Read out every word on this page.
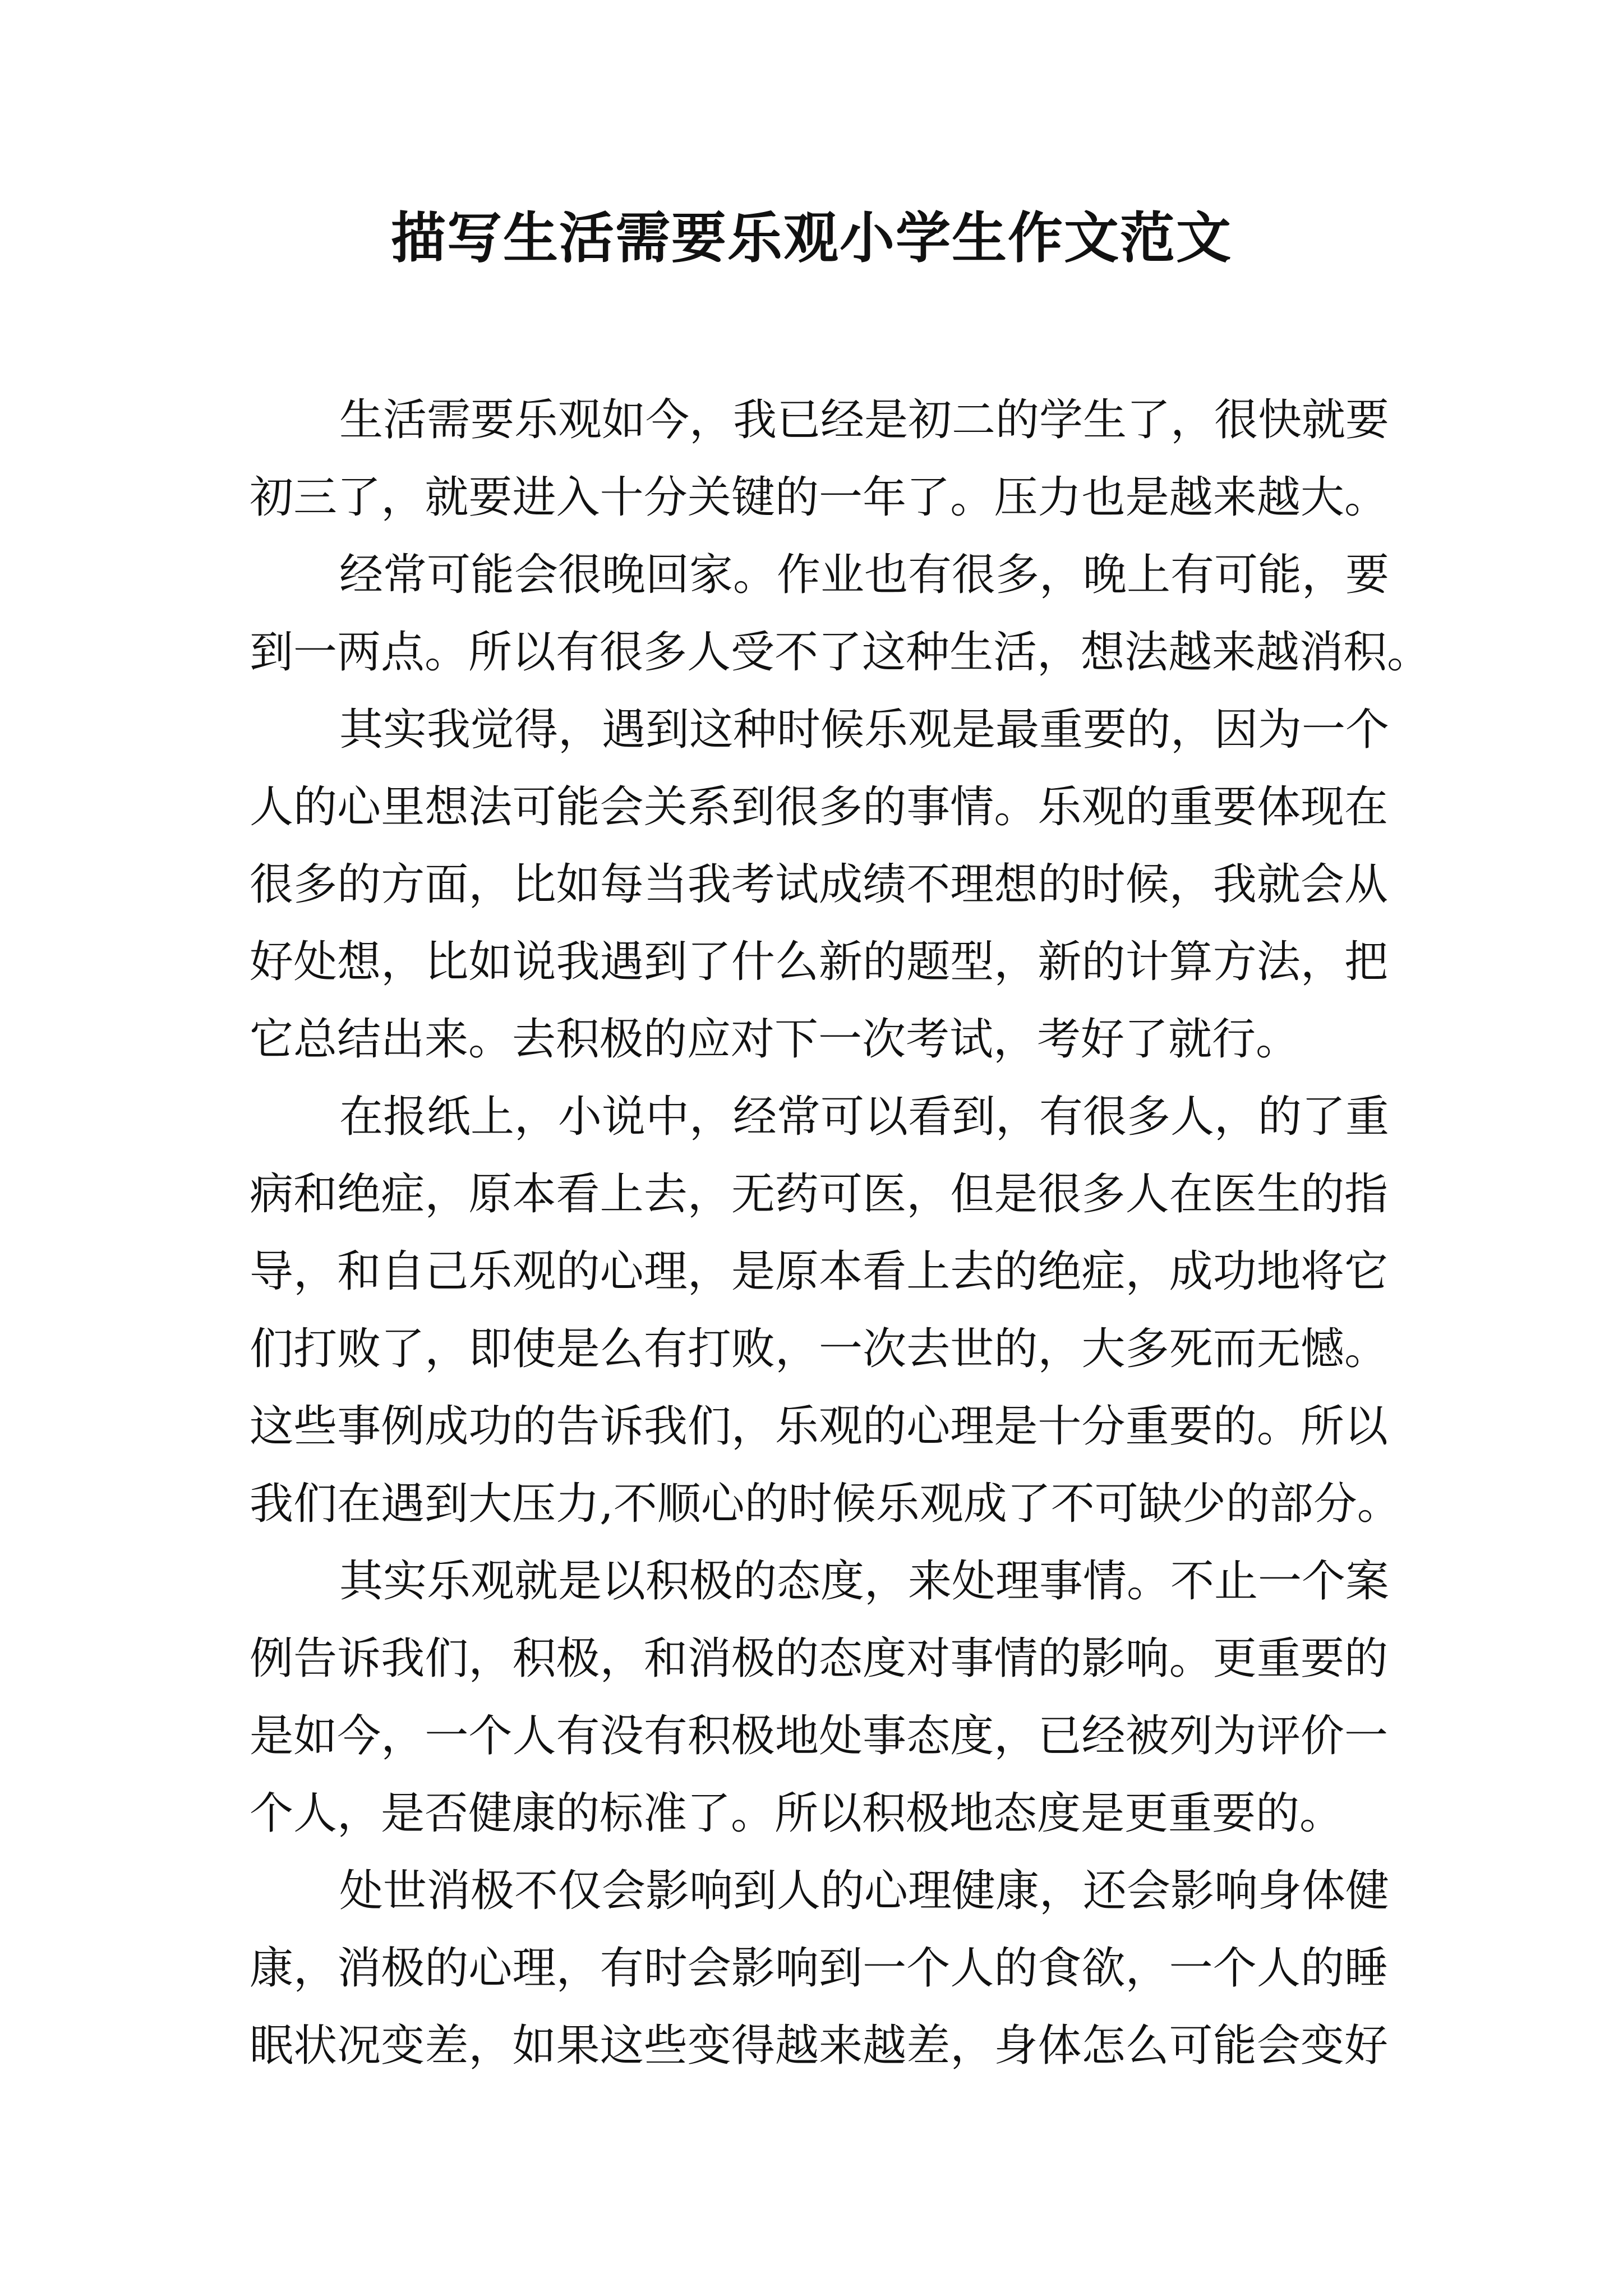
描写生活需要乐观小学生作文范文
生活需要乐观如今，我已经是初二的学生了，很快就要
初三了，就要进入十分关键的一年了。压力也是越来越大。
经常可能会很晚回家。作业也有很多，晚上有可能，要
到一两点。所以有很多人受不了这种生活，想法越来越消积。
其实我觉得，遇到这种时候乐观是最重要的，因为一个
人的心里想法可能会关系到很多的事情。乐观的重要体现在
很多的方面，比如每当我考试成绩不理想的时候，我就会从
好处想，比如说我遇到了什么新的题型，新的计算方法，把
它总结出来。去积极的应对下一次考试，考好了就行。
在报纸上，小说中，经常可以看到，有很多人，的了重
病和绝症，原本看上去，无药可医，但是很多人在医生的指
导，和自己乐观的心理，是原本看上去的绝症，成功地将它
们打败了，即使是么有打败，一次去世的，大多死而无憾。
这些事例成功的告诉我们，乐观的心理是十分重要的。所以
我们在遇到大压力,不顺心的时候乐观成了不可缺少的部分。
其实乐观就是以积极的态度，来处理事情。不止一个案
例告诉我们，积极，和消极的态度对事情的影响。更重要的
是如今，一个人有没有积极地处事态度，已经被列为评价一
个人，是否健康的标准了。所以积极地态度是更重要的。
处世消极不仅会影响到人的心理健康，还会影响身体健
康，消极的心理，有时会影响到一个人的食欲，一个人的睡
眠状况变差，如果这些变得越来越差，身体怎么可能会变好
